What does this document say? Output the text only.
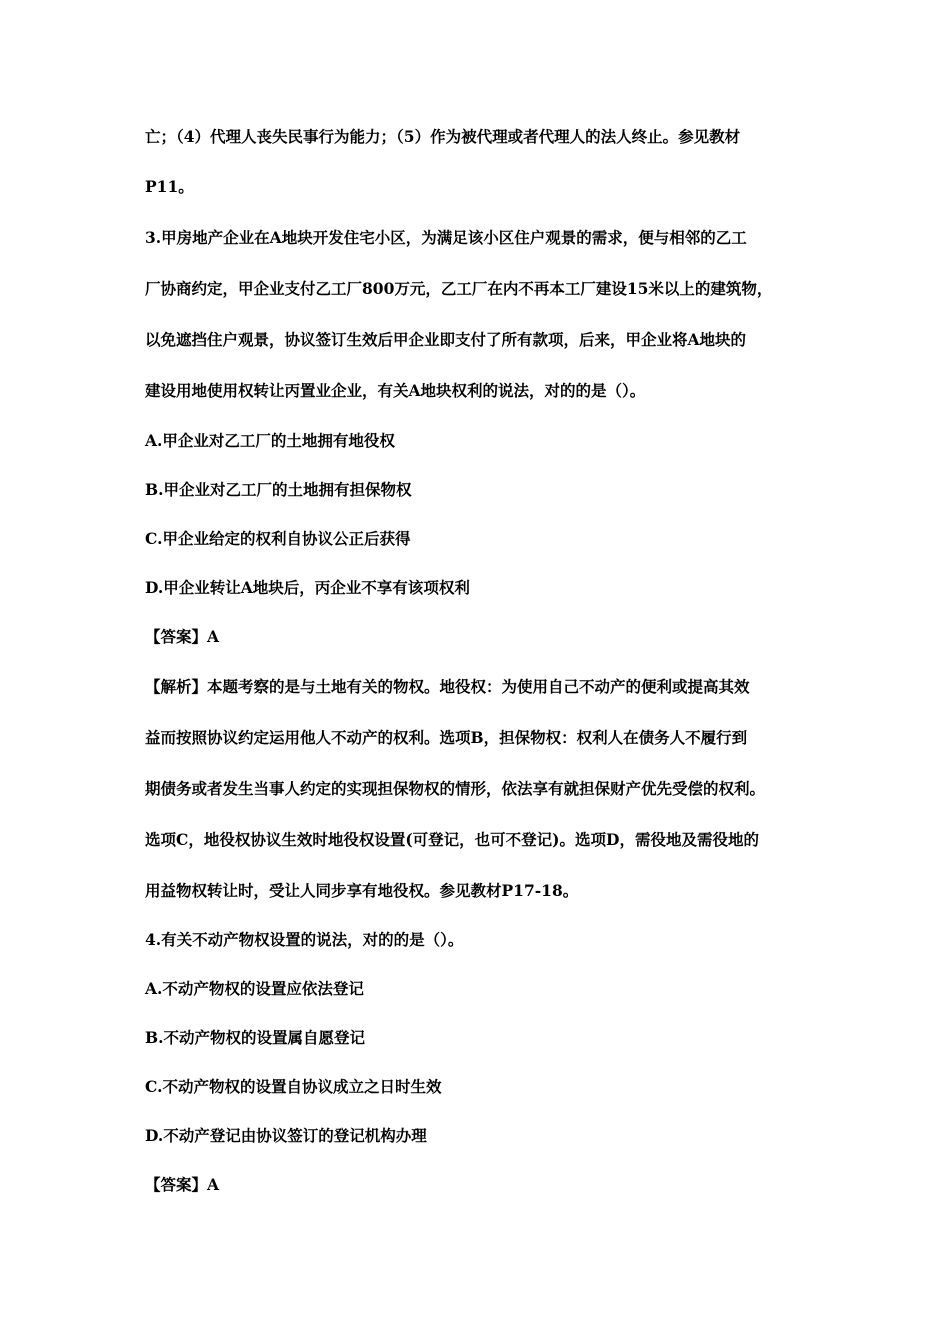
亡；（4）代理人丧失民事行为能力；（5）作为被代理或者代理人的法人终止。参见教材
P11。
3.甲房地产企业在A地块开发住宅小区，为满足该小区住户观景的需求，便与相邻的乙工
厂协商约定，甲企业支付乙工厂800万元，乙工厂在内不再本工厂建设15米以上的建筑物，
以免遮挡住户观景，协议签订生效后甲企业即支付了所有款项，后来，甲企业将A地块的
建设用地使用权转让丙置业企业，有关A地块权利的说法，对的的是（）。
A.甲企业对乙工厂的土地拥有地役权
B.甲企业对乙工厂的土地拥有担保物权
C.甲企业给定的权利自协议公正后获得
D.甲企业转让A地块后，丙企业不享有该项权利
【答案】A
【解析】本题考察的是与土地有关的物权。地役权：为使用自己不动产的便利或提高其效
益而按照协议约定运用他人不动产的权利。选项B，担保物权：权利人在债务人不履行到
期债务或者发生当事人约定的实现担保物权的情形，依法享有就担保财产优先受偿的权利。
选项C，地役权协议生效时地役权设置(可登记，也可不登记)。选项D，需役地及需役地的
用益物权转让时，受让人同步享有地役权。参见教材P17-18。
4.有关不动产物权设置的说法，对的的是（）。
A.不动产物权的设置应依法登记
B.不动产物权的设置属自愿登记
C.不动产物权的设置自协议成立之日时生效
D.不动产登记由协议签订的登记机构办理
【答案】A
